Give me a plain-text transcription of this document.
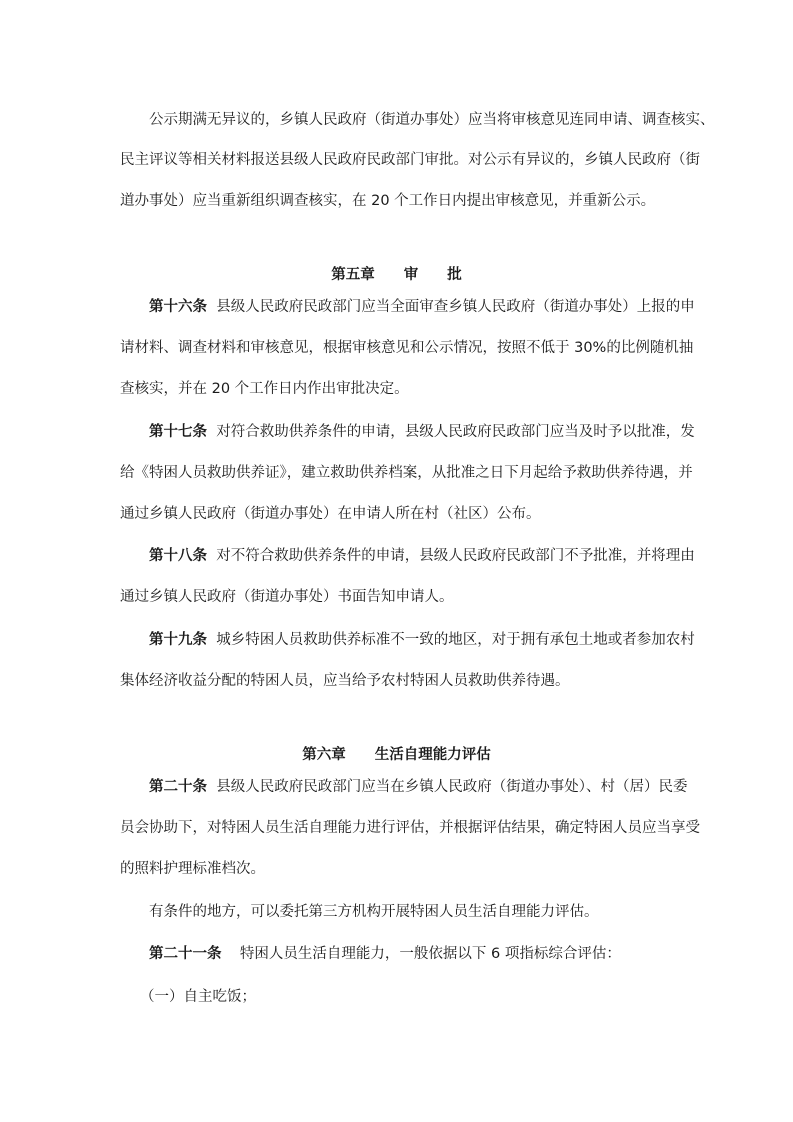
公示期满无异议的，乡镇人民政府（街道办事处）应当将审核意见连同申请、调查核实、
民主评议等相关材料报送县级人民政府民政部门审批。对公示有异议的，乡镇人民政府（街
道办事处）应当重新组织调查核实，在 20 个工作日内提出审核意见，并重新公示。
第五章　　审　　批
第十六条  县级人民政府民政部门应当全面审查乡镇人民政府（街道办事处）上报的申
请材料、调查材料和审核意见，根据审核意见和公示情况，按照不低于 30%的比例随机抽
查核实，并在 20 个工作日内作出审批决定。
第十七条  对符合救助供养条件的申请，县级人民政府民政部门应当及时予以批准，发
给《特困人员救助供养证》，建立救助供养档案，从批准之日下月起给予救助供养待遇，并
通过乡镇人民政府（街道办事处）在申请人所在村（社区）公布。
第十八条  对不符合救助供养条件的申请，县级人民政府民政部门不予批准，并将理由
通过乡镇人民政府（街道办事处）书面告知申请人。
第十九条  城乡特困人员救助供养标准不一致的地区，对于拥有承包土地或者参加农村
集体经济收益分配的特困人员，应当给予农村特困人员救助供养待遇。
第六章　　生活自理能力评估
第二十条  县级人民政府民政部门应当在乡镇人民政府（街道办事处）、村（居）民委
员会协助下，对特困人员生活自理能力进行评估，并根据评估结果，确定特困人员应当享受
的照料护理标准档次。
有条件的地方，可以委托第三方机构开展特困人员生活自理能力评估。
第二十一条    特困人员生活自理能力，一般依据以下 6 项指标综合评估：
（一）自主吃饭；
